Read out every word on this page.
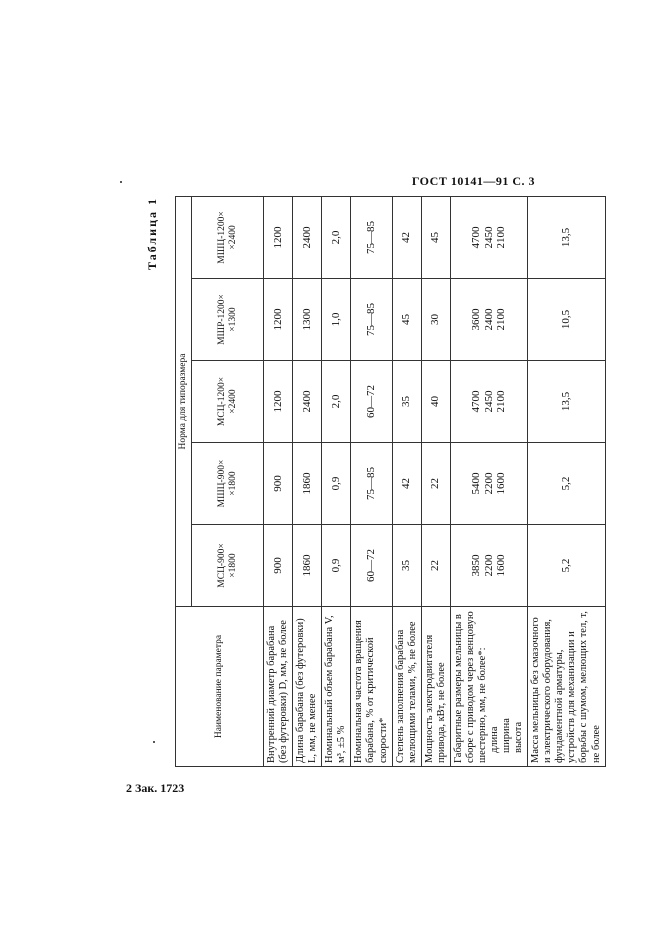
ГОСТ 10141—91 С. 3
Таблица 1
Наименование параметра	Норма для типоразмера				

	МСЦ-900× ×1800	МШЦ-900× ×1800	МСЦ-1200× ×2400	МШР-1200× ×1300	МШЦ-1200× ×2400

Внутренний диаметр барабана (без футеровки) D, мм, не более	900	900	1200	1200	1200
Длина барабана (без футеровки) L, мм, не менее	1860	1860	2400	1300	2400
Номинальный объем барабана V, м³, ±5 %	0,9	0,9	2,0	1,0	2,0
Номинальная частота вращения барабана, % от критической скорости*	60—72	75—85	60—72	75—85	75—85
Степень заполнения барабана мелющими телами, %, не более	35	42	35	45	42
Мощность электродвигателя привода, кВт, не более	22	22	40	30	45

Габаритные размеры мельницы в сборе с приводом через венцовую шестерню, мм, не более*: длина ширина высота	3850 2200 1600	5400 2200 1600	4700 2450 2100	3600 2400 2100	4700 2450 2100

Масса мельницы без смазочного и электрического оборудования, фундаментной арматуры, устройств для механизации и борьбы с шумом, мелющих тел, т, не более	5,2	5,2	13,5	10,5	13,5
2 Зак. 1723
